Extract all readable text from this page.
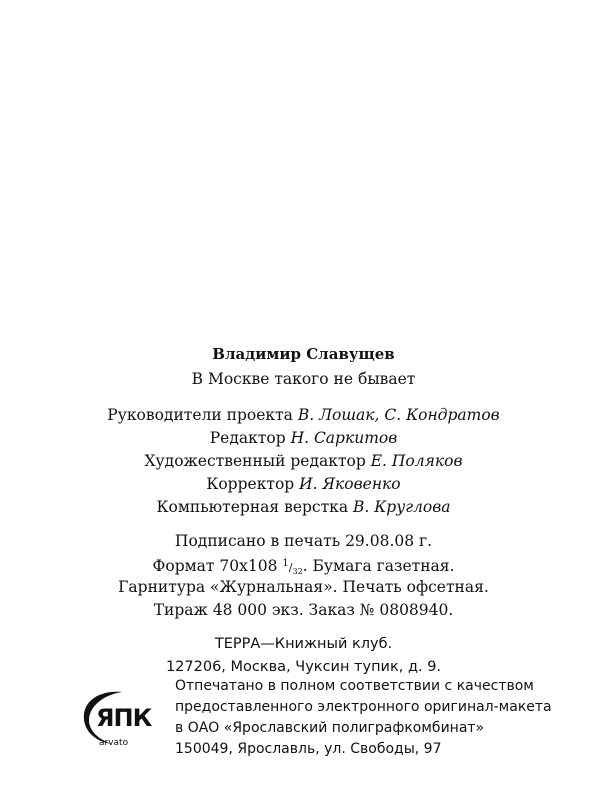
Владимир Славущев
В Москве такого не бывает
Руководители проекта В. Лошак, С. Кондратов
Редактор Н. Саркитов
Художественный редактор Е. Поляков
Корректор И. Яковенко
Компьютерная верстка В. Круглова
Подписано в печать 29.08.08 г.
Формат 70x108 $^1/_{32}$. Бумага газетная.
Гарнитура «Журнальная». Печать офсетная.
Тираж 48 000 экз. Заказ № 0808940.
ТЕРРА—Книжный клуб.
127206, Москва, Чуксин тупик, д. 9.
ЯПК
arvato
Отпечатано в полном соответствии с качеством
предоставленного электронного оригинал-макета
в ОАО «Ярославский полиграфкомбинат»
150049, Ярославль, ул. Свободы, 97
